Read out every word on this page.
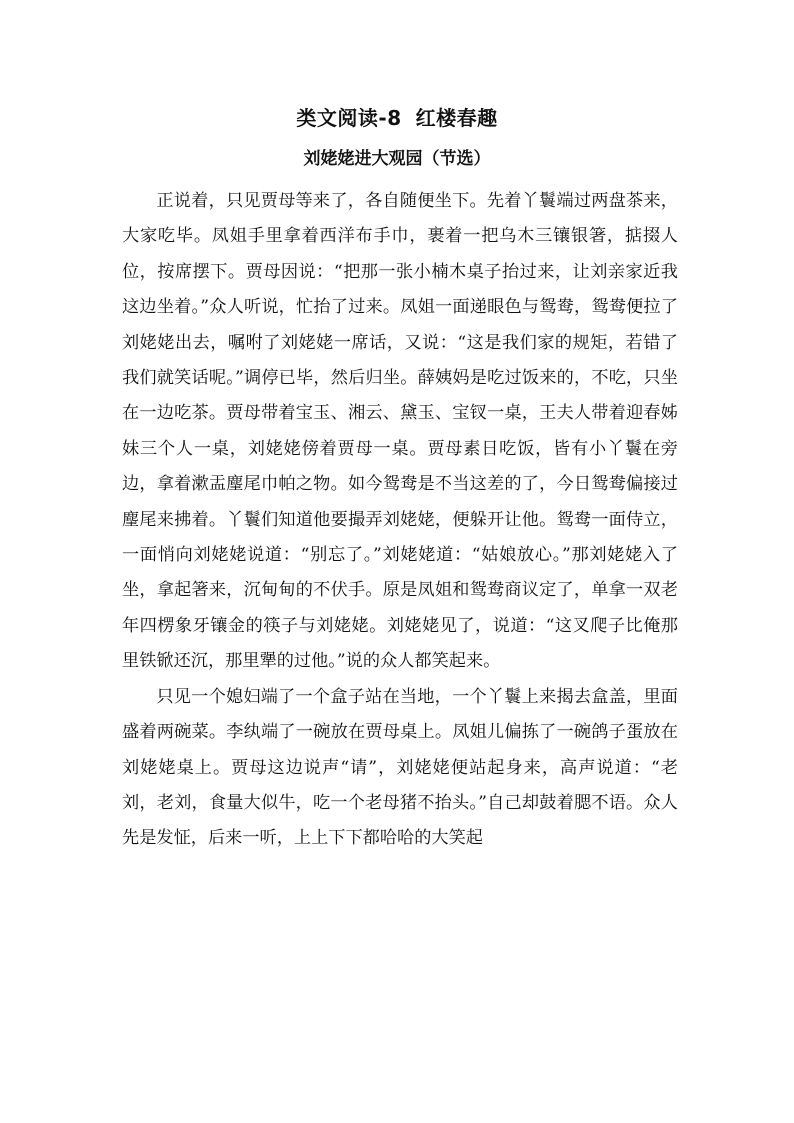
类文阅读-8 红楼春趣
刘姥姥进大观园（节选）

正说着，只见贾母等来了，各自随便坐下。先着丫鬟端过两盘茶来，大家吃毕。凤姐手里拿着西洋布手巾，裹着一把乌木三镶银箸，掂掇人位，按席摆下。贾母因说：“把那一张小楠木桌子抬过来，让刘亲家近我这边坐着。”众人听说，忙抬了过来。凤姐一面递眼色与鸳鸯，鸳鸯便拉了刘姥姥出去，嘱咐了刘姥姥一席话，又说：“这是我们家的规矩，若错了我们就笑话呢。”调停已毕，然后归坐。薛姨妈是吃过饭来的，不吃，只坐在一边吃茶。贾母带着宝玉、湘云、黛玉、宝钗一桌，王夫人带着迎春姊妹三个人一桌，刘姥姥傍着贾母一桌。贾母素日吃饭，皆有小丫鬟在旁边，拿着漱盂麈尾巾帕之物。如今鸳鸯是不当这差的了，今日鸳鸯偏接过麈尾来拂着。丫鬟们知道他要撮弄刘姥姥，便躲开让他。鸳鸯一面侍立，一面悄向刘姥姥说道：“别忘了。”刘姥姥道：“姑娘放心。”那刘姥姥入了坐，拿起箸来，沉甸甸的不伏手。原是凤姐和鸳鸯商议定了，单拿一双老年四楞象牙镶金的筷子与刘姥姥。刘姥姥见了，说道：“这叉爬子比俺那里铁锨还沉，那里犟的过他。”说的众人都笑起来。

只见一个媳妇端了一个盒子站在当地，一个丫鬟上来揭去盒盖，里面盛着两碗菜。李纨端了一碗放在贾母桌上。凤姐儿偏拣了一碗鸽子蛋放在刘姥姥桌上。贾母这边说声“请”，刘姥姥便站起身来，高声说道：“老刘，老刘，食量大似牛，吃一个老母猪不抬头。”自己却鼓着腮不语。众人先是发怔，后来一听，上上下下都哈哈的大笑起
